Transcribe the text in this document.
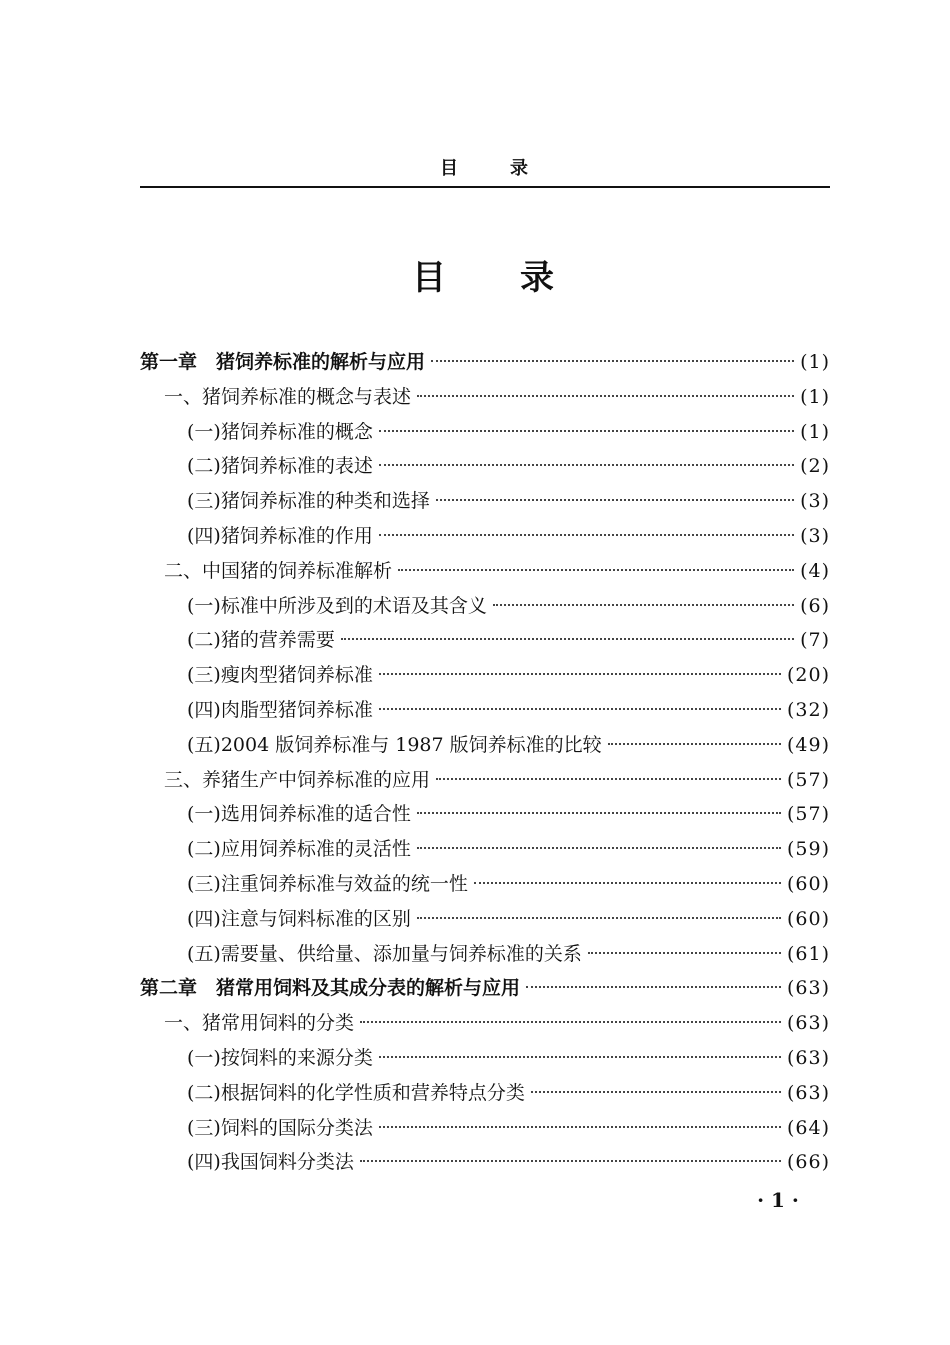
目	录
目 录
第一章　猪饲养标准的解析与应用	(1)
一、猪饲养标准的概念与表述	(1)
(一)猪饲养标准的概念	(1)
(二)猪饲养标准的表述	(2)
(三)猪饲养标准的种类和选择	(3)
(四)猪饲养标准的作用	(3)
二、中国猪的饲养标准解析	(4)
(一)标准中所涉及到的术语及其含义	(6)
(二)猪的营养需要	(7)
(三)瘦肉型猪饲养标准	(20)
(四)肉脂型猪饲养标准	(32)
(五)2004 版饲养标准与 1987 版饲养标准的比较	(49)
三、养猪生产中饲养标准的应用	(57)
(一)选用饲养标准的适合性	(57)
(二)应用饲养标准的灵活性	(59)
(三)注重饲养标准与效益的统一性	(60)
(四)注意与饲料标准的区别	(60)
(五)需要量、供给量、添加量与饲养标准的关系	(61)
第二章　猪常用饲料及其成分表的解析与应用	(63)
一、猪常用饲料的分类	(63)
(一)按饲料的来源分类	(63)
(二)根据饲料的化学性质和营养特点分类	(63)
(三)饲料的国际分类法	(64)
(四)我国饲料分类法	(66)
· 1 ·
